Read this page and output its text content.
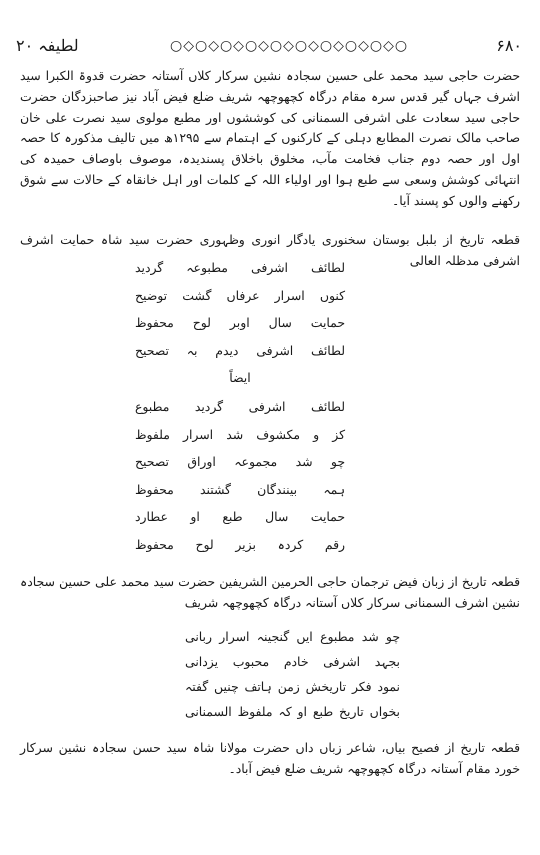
لطیفہ ۲۰	○◇○◇○◇○◇○◇○◇○◇○◇○◇○	۶۸۰
حضرت حاجی سید محمد علی حسین سجادہ نشین سرکار کلاں آستانہ حضرت قدوۃ الکبرا سید اشرف جہاں گیر قدس سرہ مقام درگاہ کچھوچھہ شریف ضلع فیض آباد نیز صاحبزدگان حضرت حاجی سید سعادت علی اشرفی السمنانی کی کوششوں اور مطبع مولوی سید نصرت علی خان صاحب مالک نصرت المطابع دہلی کے کارکنوں کے اہتمام سے ۱۲۹۵ھ میں تالیف مذکورہ کا حصہ اول اور حصہ دوم جناب فخامت مآب، مخلوق باخلاق پسندیدہ، موصوف باوصاف حمیدہ کی انتہائی کوشش وسعی سے طبع ہوا اور اولیاء اللہ کے کلمات اور اہل خانقاہ کے حالات سے شوق رکھنے والوں کو پسند آیا۔
قطعہ تاریخ از بلبل بوستان سخنوری یادگار انوری وظہوری حضرت سید شاہ حمایت اشرف اشرفی مدظلہ العالی
لطائف اشرفی مطبوعہ گردید
کنوں اسرار عرفاں گشت توضیح
حمایت سال اوبر لوح محفوظ
لطائف اشرفی دیدم بہ تصحیح
ایضاً
لطائف اشرفی گردید مطبوع
کز و مکشوف شد اسرار ملفوظ
چو شد مجموعہ اوراق تصحیح
ہمہ بینندگان گشتند محفوظ
حمایت سال طبع او عطارد
رقم کردہ بزیر لوح محفوظ
قطعہ تاریخ از زبان فیض ترجمان حاجی الحرمین الشریفین حضرت سید محمد علی حسین سجادہ نشین اشرف السمنانی سرکار کلاں آستانہ درگاہ کچھوچھہ شریف
چو شد مطبوع ایں گنجینہ اسرار ربانی
بجہد اشرفی خادم محبوب یزدانی
نمود فکر تاریخش زمن ہاتف چنیں گفتہ
بخواں تاریخ طبع او کہ ملفوظ السمنانی
قطعہ تاریخ از فصیح بیاں، شاعر زباں داں حضرت مولانا شاہ سید حسن سجادہ نشین سرکار خورد مقام آستانہ درگاہ کچھوچھہ شریف ضلع فیض آباد۔
